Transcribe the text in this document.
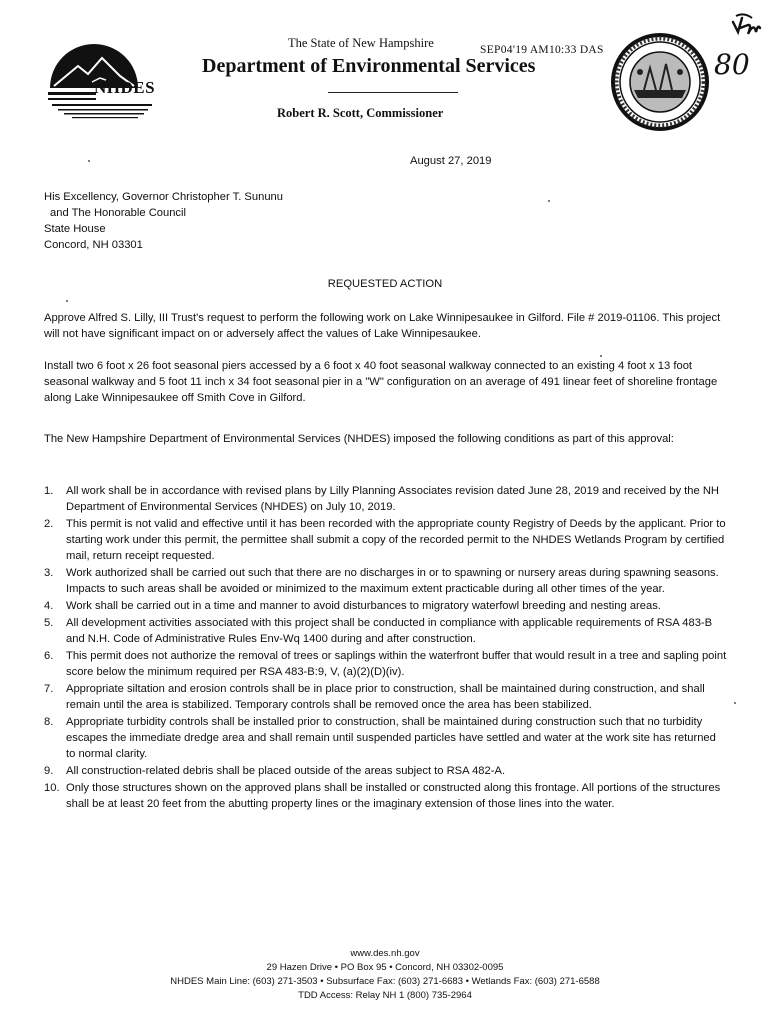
NHDES
The State of New Hampshire	SEP04'19 AM10:33 DAS
Department of Environmental Services
Robert R. Scott, Commissioner
80
August 27, 2019
His Excellency, Governor Christopher T. Sununu
and The Honorable Council
State House
Concord, NH 03301
REQUESTED ACTION
Approve Alfred S. Lilly, III Trust's request to perform the following work on Lake Winnipesaukee in Gilford. File # 2019-01106. This project will not have significant impact on or adversely affect the values of Lake Winnipesaukee.
Install two 6 foot x 26 foot seasonal piers accessed by a 6 foot x 40 foot seasonal walkway connected to an existing 4 foot x 13 foot seasonal walkway and 5 foot 11 inch x 34 foot seasonal pier in a "W" configuration on an average of 491 linear feet of shoreline frontage along Lake Winnipesaukee off Smith Cove in Gilford.
The New Hampshire Department of Environmental Services (NHDES) imposed the following conditions as part of this approval:
1.	All work shall be in accordance with revised plans by Lilly Planning Associates revision dated June 28, 2019 and received by the NH Department of Environmental Services (NHDES) on July 10, 2019.
2.	This permit is not valid and effective until it has been recorded with the appropriate county Registry of Deeds by the applicant. Prior to starting work under this permit, the permittee shall submit a copy of the recorded permit to the NHDES Wetlands Program by certified mail, return receipt requested.
3.	Work authorized shall be carried out such that there are no discharges in or to spawning or nursery areas during spawning seasons. Impacts to such areas shall be avoided or minimized to the maximum extent practicable during all other times of the year.
4.	Work shall be carried out in a time and manner to avoid disturbances to migratory waterfowl breeding and nesting areas.
5.	All development activities associated with this project shall be conducted in compliance with applicable requirements of RSA 483-B and N.H. Code of Administrative Rules Env-Wq 1400 during and after construction.
6.	This permit does not authorize the removal of trees or saplings within the waterfront buffer that would result in a tree and sapling point score below the minimum required per RSA 483-B:9, V, (a)(2)(D)(iv).
7.	Appropriate siltation and erosion controls shall be in place prior to construction, shall be maintained during construction, and shall remain until the area is stabilized. Temporary controls shall be removed once the area has been stabilized.
8.	Appropriate turbidity controls shall be installed prior to construction, shall be maintained during construction such that no turbidity escapes the immediate dredge area and shall remain until suspended particles have settled and water at the work site has returned to normal clarity.
9.	All construction-related debris shall be placed outside of the areas subject to RSA 482-A.
10. Only those structures shown on the approved plans shall be installed or constructed along this frontage. All portions of the structures shall be at least 20 feet from the abutting property lines or the imaginary extension of those lines into the water.
www.des.nh.gov
29 Hazen Drive • PO Box 95 • Concord, NH 03302-0095
NHDES Main Line: (603) 271-3503 • Subsurface Fax: (603) 271-6683 • Wetlands Fax: (603) 271-6588
TDD Access: Relay NH 1 (800) 735-2964
